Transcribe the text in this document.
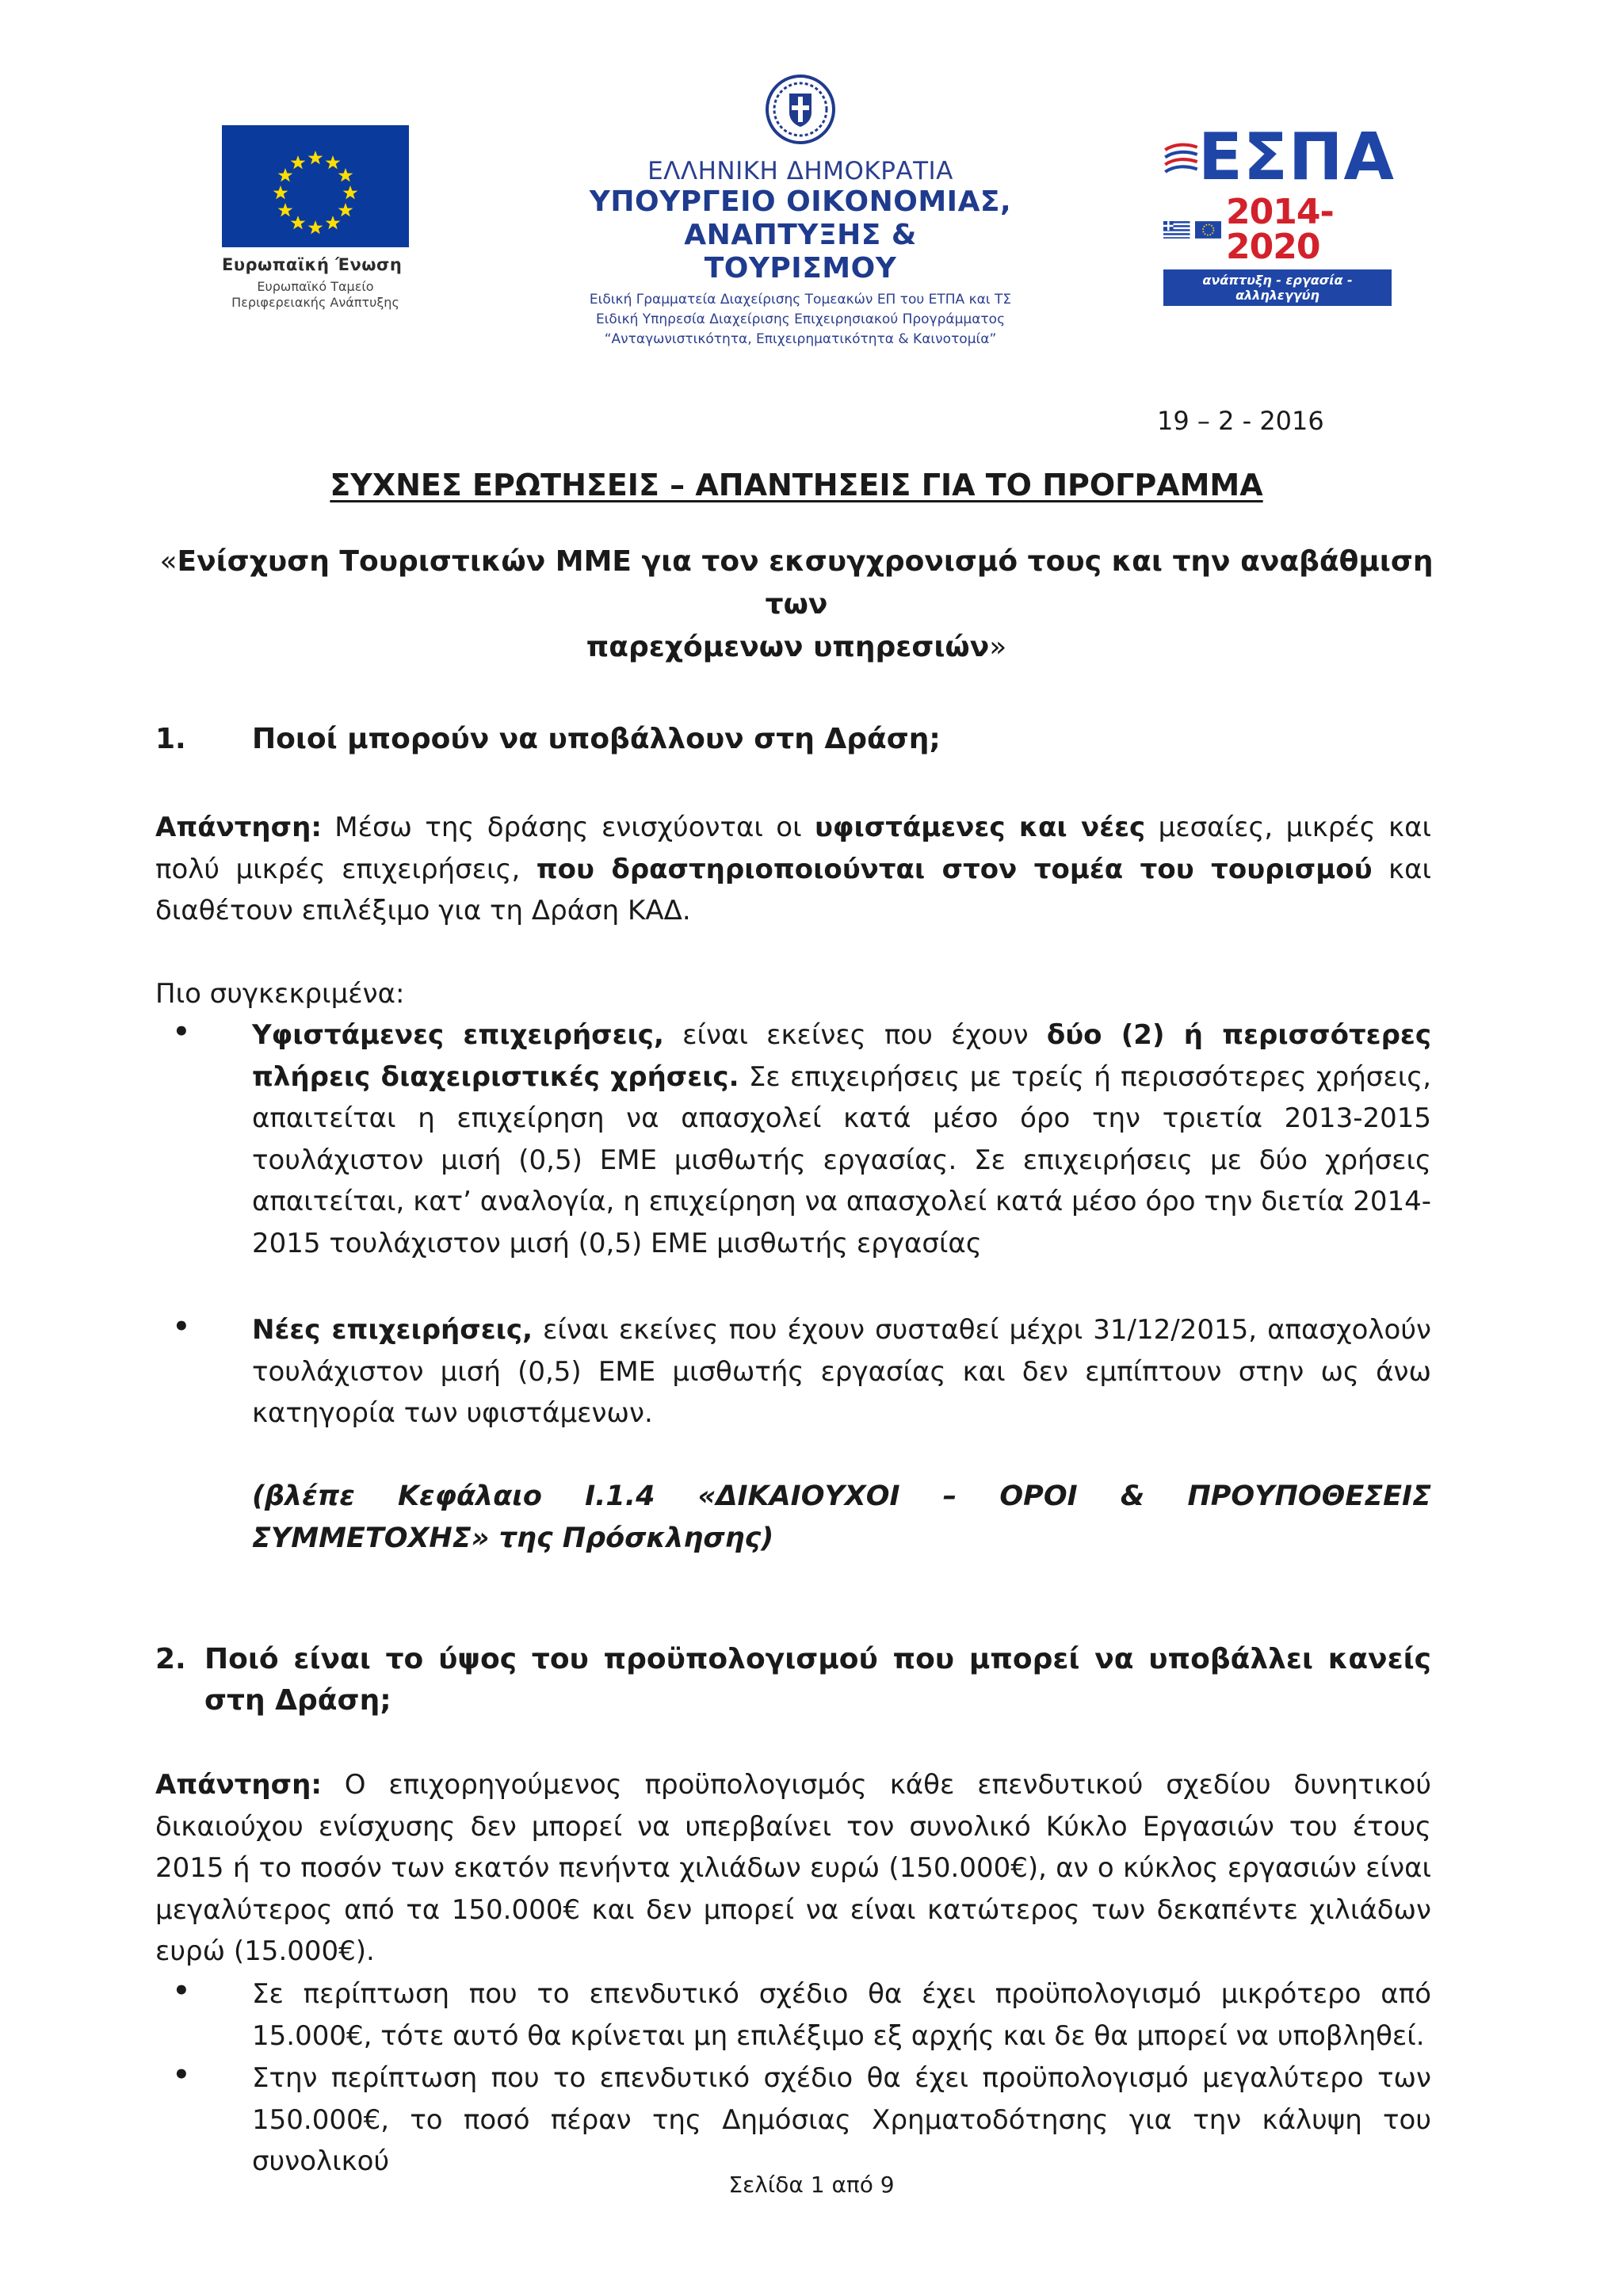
Ευρωπαϊκή Ένωση
Ευρωπαϊκό Ταμείο
Περιφερειακής Ανάπτυξης
ΕΛΛΗΝΙΚΗ ΔΗΜΟΚΡΑΤΙΑ
ΥΠΟΥΡΓΕΙΟ ΟΙΚΟΝΟΜΙΑΣ,
ΑΝΑΠΤΥΞΗΣ & ΤΟΥΡΙΣΜΟΥ
Ειδική Γραμματεία Διαχείρισης Τομεακών ΕΠ του ΕΤΠΑ και ΤΣ
Ειδική Υπηρεσία Διαχείρισης Επιχειρησιακού Προγράμματος
“Ανταγωνιστικότητα, Επιχειρηματικότητα & Καινοτομία”
ΕΣΠΑ
2014-2020
ανάπτυξη - εργασία - αλληλεγγύη
19 – 2 - 2016
ΣΥΧΝΕΣ ΕΡΩΤΗΣΕΙΣ – ΑΠΑΝΤΗΣΕΙΣ ΓΙΑ ΤΟ ΠΡΟΓΡΑΜΜΑ
«Ενίσχυση Τουριστικών ΜΜΕ για τον εκσυγχρονισμό τους και την αναβάθμιση των
παρεχόμενων υπηρεσιών»
1. Ποιοί μπορούν να υποβάλλουν στη Δράση;
Απάντηση: Μέσω της δράσης ενισχύονται οι υφιστάμενες και νέες μεσαίες, μικρές και πολύ μικρές επιχειρήσεις, που δραστηριοποιούνται στον τομέα του τουρισμού και διαθέτουν επιλέξιμο για τη Δράση ΚΑΔ.
Πιο συγκεκριμένα:
• Υφιστάμενες επιχειρήσεις, είναι εκείνες που έχουν δύο (2) ή περισσότερες πλήρεις διαχειριστικές χρήσεις. Σε επιχειρήσεις με τρείς ή περισσότερες χρήσεις, απαιτείται η επιχείρηση να απασχολεί κατά μέσο όρο την τριετία 2013-2015 τουλάχιστον μισή (0,5) ΕΜΕ μισθωτής εργασίας. Σε επιχειρήσεις με δύο χρήσεις απαιτείται, κατ’ αναλογία, η επιχείρηση να απασχολεί κατά μέσο όρο την διετία 2014-2015 τουλάχιστον μισή (0,5) ΕΜΕ μισθωτής εργασίας
• Νέες επιχειρήσεις, είναι εκείνες που έχουν συσταθεί μέχρι 31/12/2015, απασχολούν τουλάχιστον μισή (0,5) ΕΜΕ μισθωτής εργασίας και δεν εμπίπτουν στην ως άνω κατηγορία των υφιστάμενων.
(βλέπε Κεφάλαιο Ι.1.4 «ΔΙΚΑΙΟΥΧΟΙ – ΟΡΟΙ & ΠΡΟΥΠΟΘΕΣΕΙΣ ΣΥΜΜΕΤΟΧΗΣ» της Πρόσκλησης)
2. Ποιό είναι το ύψος του προϋπολογισμού που μπορεί να υποβάλλει κανείς στη Δράση;
Απάντηση: Ο επιχορηγούμενος προϋπολογισμός κάθε επενδυτικού σχεδίου δυνητικού δικαιούχου ενίσχυσης δεν μπορεί να υπερβαίνει τον συνολικό Κύκλο Εργασιών του έτους 2015 ή το ποσόν των εκατόν πενήντα χιλιάδων ευρώ (150.000€), αν ο κύκλος εργασιών είναι μεγαλύτερος από τα 150.000€ και δεν μπορεί να είναι κατώτερος των δεκαπέντε χιλιάδων ευρώ (15.000€).
• Σε περίπτωση που το επενδυτικό σχέδιο θα έχει προϋπολογισμό μικρότερο από 15.000€, τότε αυτό θα κρίνεται μη επιλέξιμο εξ αρχής και δε θα μπορεί να υποβληθεί.
• Στην περίπτωση που το επενδυτικό σχέδιο θα έχει προϋπολογισμό μεγαλύτερο των 150.000€, το ποσό πέραν της Δημόσιας Χρηματοδότησης για την κάλυψη του συνολικού
Σελίδα 1 από 9
